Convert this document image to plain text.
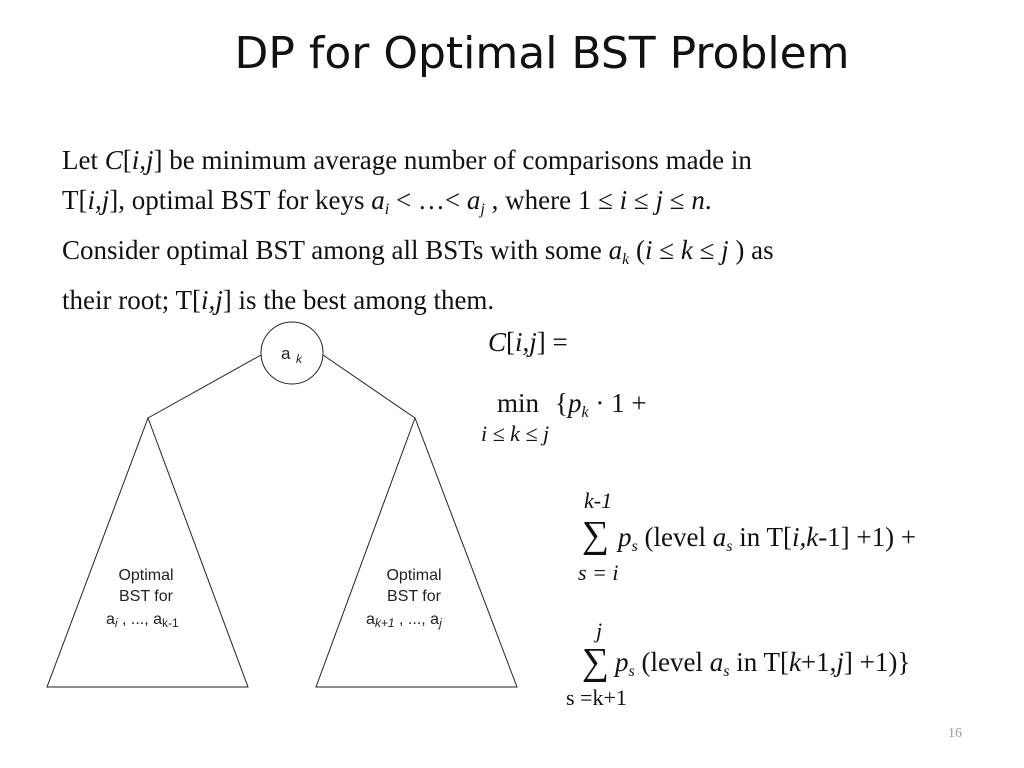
DP for Optimal BST Problem
Let C[i,j] be minimum average number of comparisons made in
T[i,j], optimal BST for keys $a_i$ < …< $a_j$ , where 1 ≤ i ≤ j ≤ n.
Consider optimal BST among all BSTs with some $a_k$ (i ≤ k ≤ j ) as
their root; T[i,j] is the best among them.
a k
Optimal
BST for
ai , ..., ak-1
Optimal
BST for
ak+1 , ..., aj
C[i,j] =
$\min \{p_k \cdot 1$ +
i ≤ k ≤ j
k-1
∑ $p_s$ (level $a_s$ in T[i,k-1] +1) +
s = i
j
∑ $p_s$ (level $a_s$ in T[k+1,j] +1)}
s =k+1
16
